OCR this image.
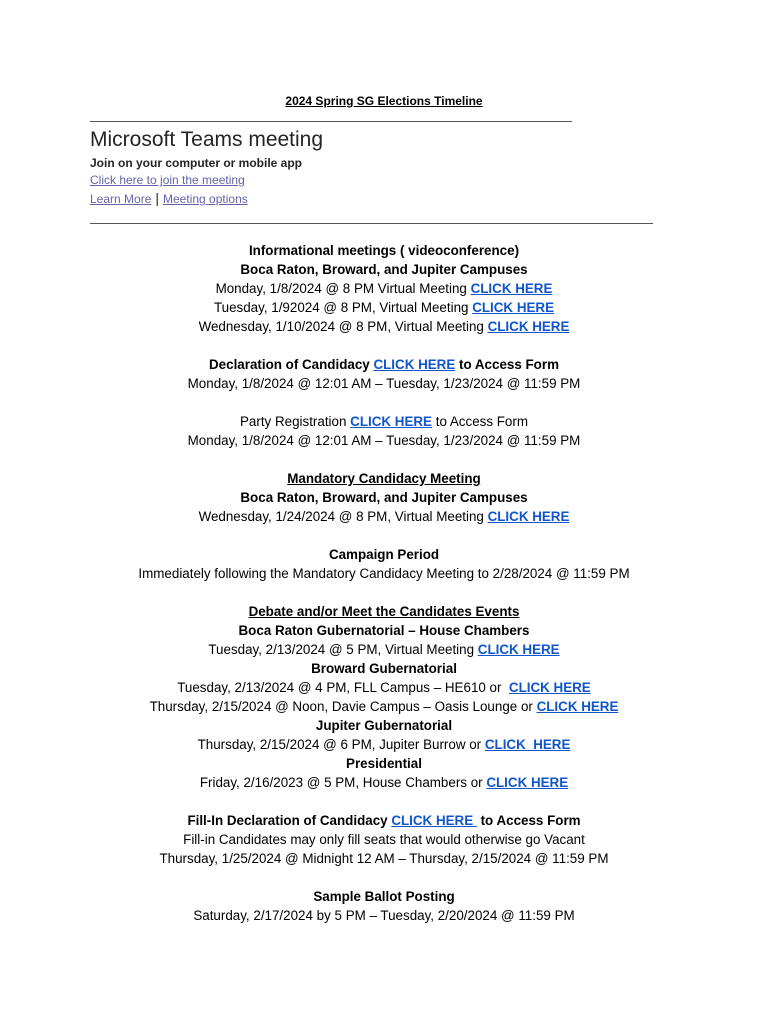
2024 Spring SG Elections Timeline
Microsoft Teams meeting
Join on your computer or mobile app
Click here to join the meeting
Learn More | Meeting options
Informational meetings ( videoconference)
Boca Raton, Broward, and Jupiter Campuses
Monday, 1/8/2024 @ 8 PM Virtual Meeting CLICK HERE
Tuesday, 1/92024 @ 8 PM, Virtual Meeting CLICK HERE
Wednesday, 1/10/2024 @ 8 PM, Virtual Meeting CLICK HERE
Declaration of Candidacy CLICK HERE to Access Form
Monday, 1/8/2024 @ 12:01 AM – Tuesday, 1/23/2024 @ 11:59 PM
Party Registration CLICK HERE to Access Form
Monday, 1/8/2024 @ 12:01 AM – Tuesday, 1/23/2024 @ 11:59 PM
Mandatory Candidacy Meeting
Boca Raton, Broward, and Jupiter Campuses
Wednesday, 1/24/2024 @ 8 PM, Virtual Meeting CLICK HERE
Campaign Period
Immediately following the Mandatory Candidacy Meeting to 2/28/2024 @ 11:59 PM
Debate and/or Meet the Candidates Events
Boca Raton Gubernatorial – House Chambers
Tuesday, 2/13/2024 @ 5 PM, Virtual Meeting CLICK HERE
Broward Gubernatorial
Tuesday, 2/13/2024 @ 4 PM, FLL Campus – HE610 or  CLICK HERE
Thursday, 2/15/2024 @ Noon, Davie Campus – Oasis Lounge or CLICK HERE
Jupiter Gubernatorial
Thursday, 2/15/2024 @ 6 PM, Jupiter Burrow or CLICK  HERE
Presidential
Friday, 2/16/2023 @ 5 PM, House Chambers or CLICK HERE
Fill-In Declaration of Candidacy CLICK HERE  to Access Form
Fill-in Candidates may only fill seats that would otherwise go Vacant
Thursday, 1/25/2024 @ Midnight 12 AM – Thursday, 2/15/2024 @ 11:59 PM
Sample Ballot Posting
Saturday, 2/17/2024 by 5 PM – Tuesday, 2/20/2024 @ 11:59 PM
